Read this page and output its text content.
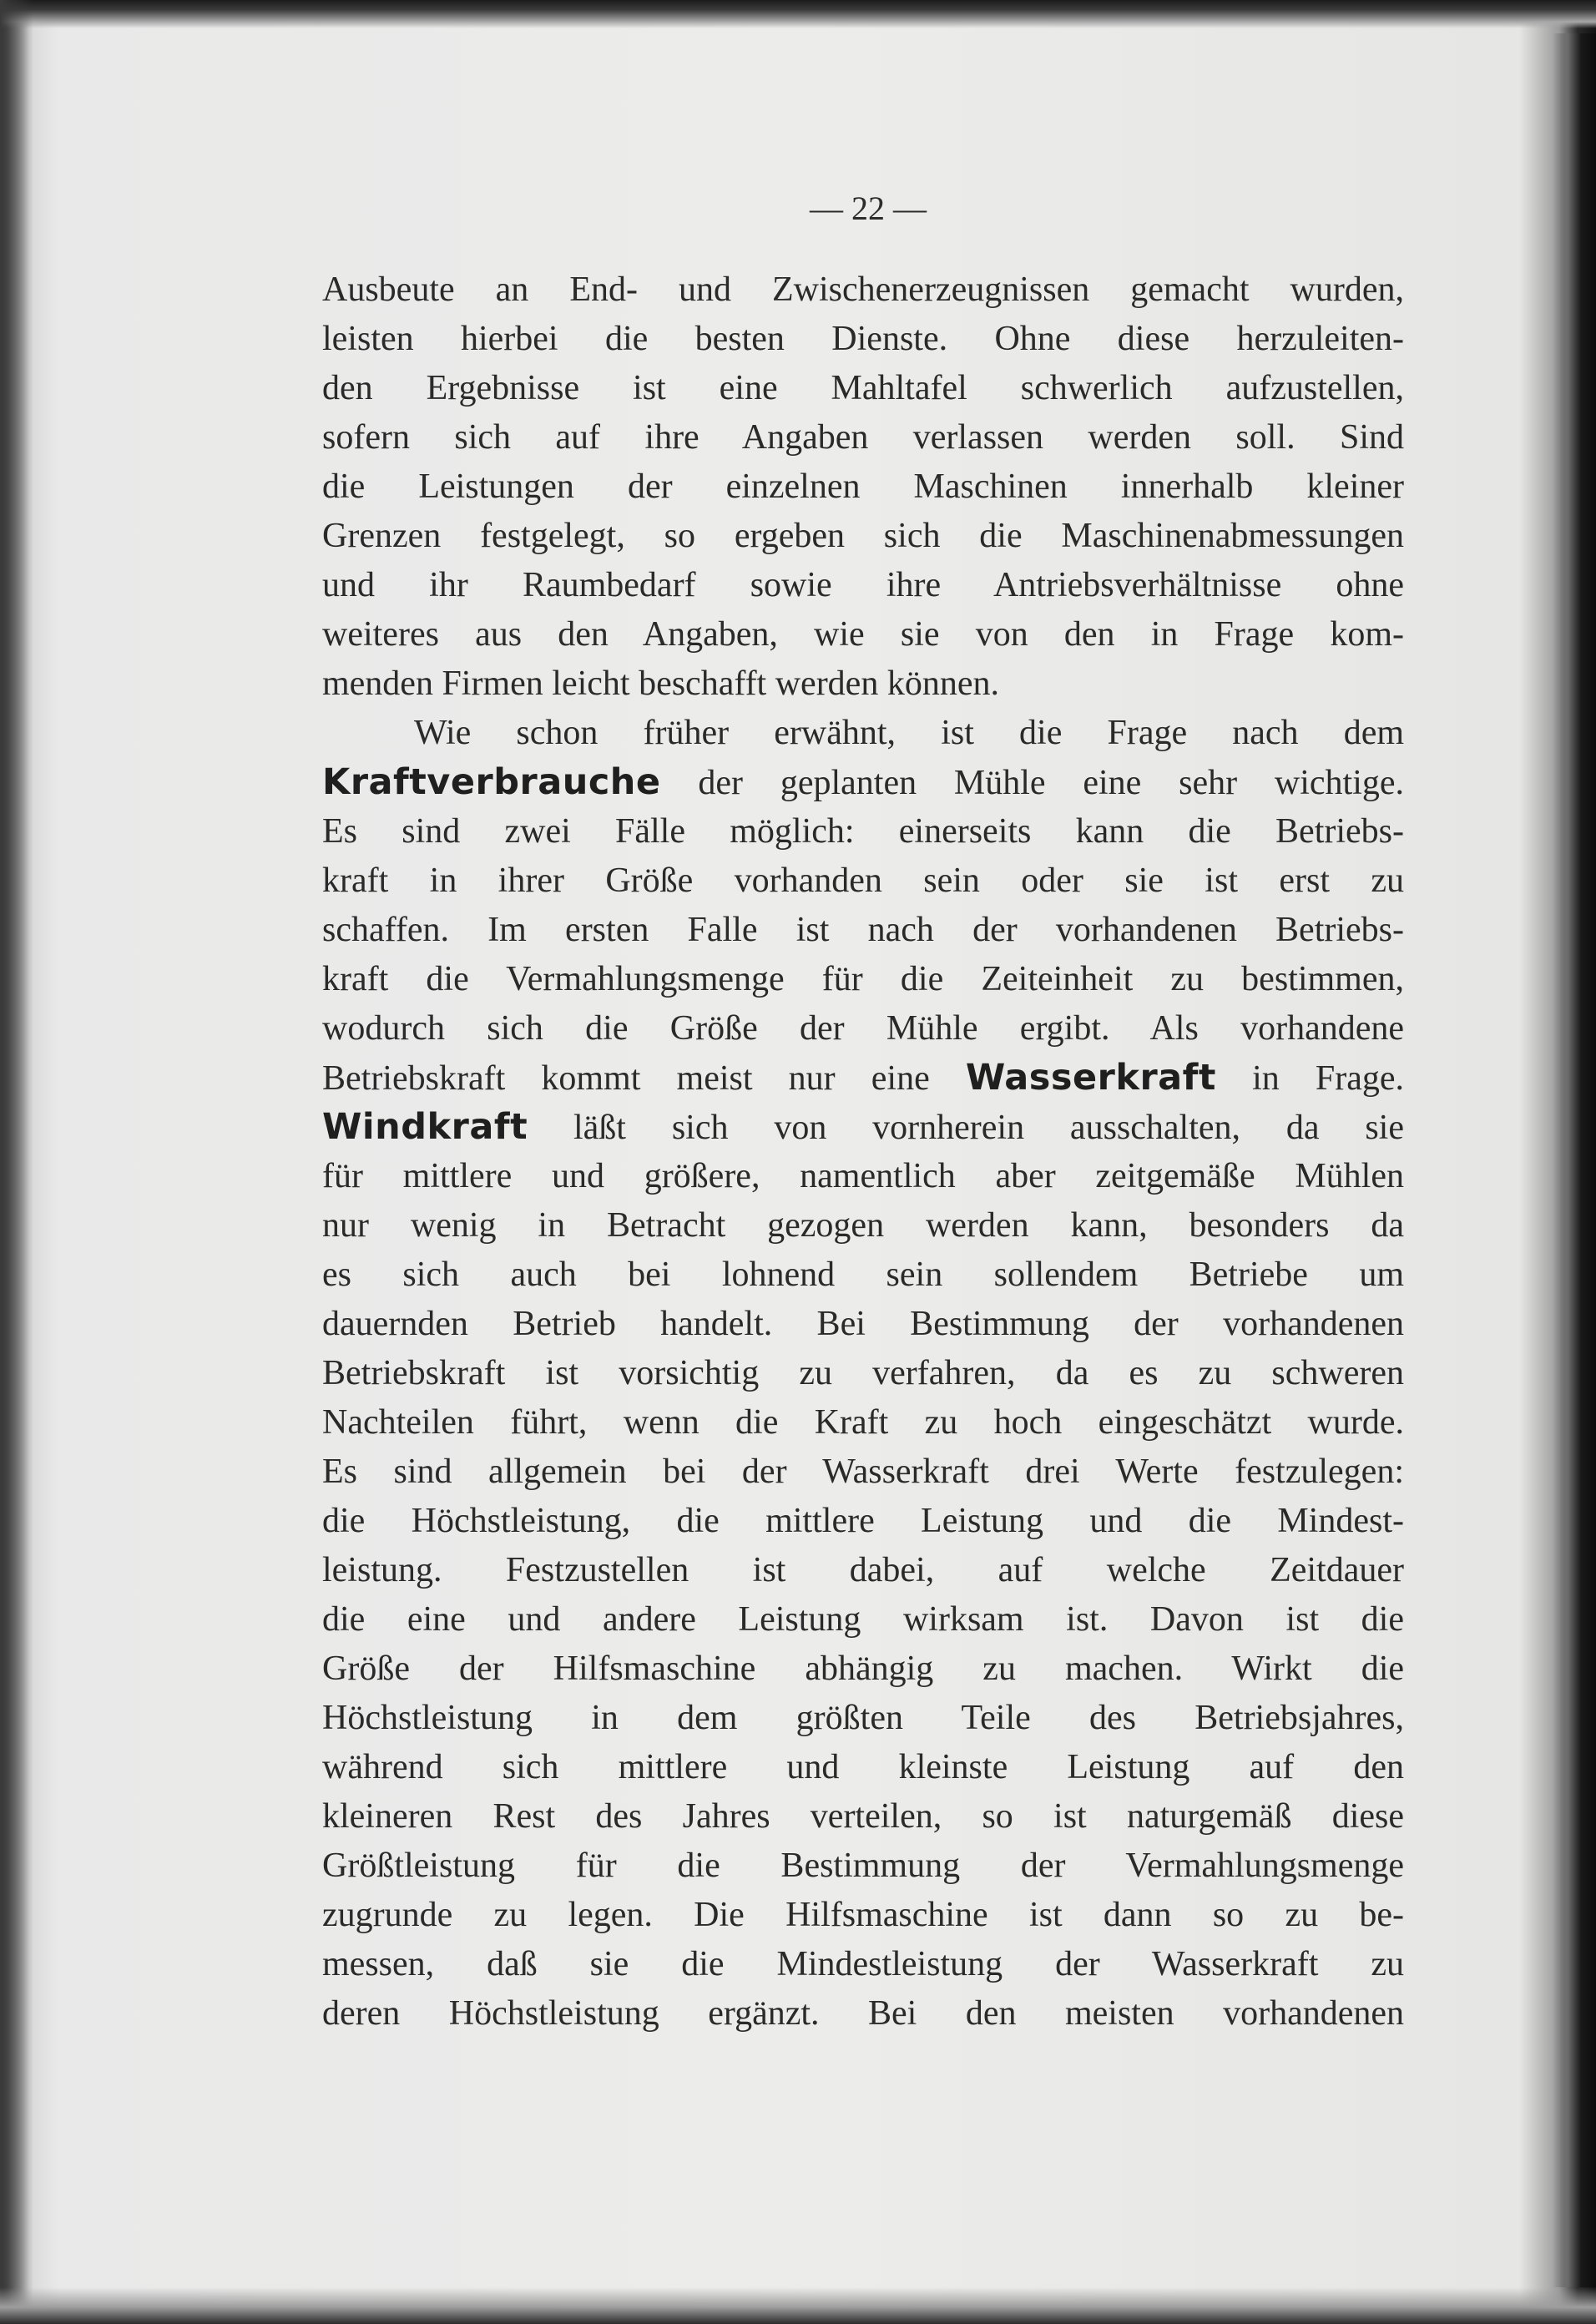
— 22 —
Ausbeute an End- und Zwischenerzeugnissen gemacht wurden,
leisten hierbei die besten Dienste. Ohne diese herzuleiten-
den Ergebnisse ist eine Mahltafel schwerlich aufzustellen,
sofern sich auf ihre Angaben verlassen werden soll. Sind
die Leistungen der einzelnen Maschinen innerhalb kleiner
Grenzen festgelegt, so ergeben sich die Maschinenabmessungen
und ihr Raumbedarf sowie ihre Antriebsverhältnisse ohne
weiteres aus den Angaben, wie sie von den in Frage kom-
menden Firmen leicht beschafft werden können.
Wie schon früher erwähnt, ist die Frage nach dem
Kraftverbrauche der geplanten Mühle eine sehr wichtige.
Es sind zwei Fälle möglich: einerseits kann die Betriebs-
kraft in ihrer Größe vorhanden sein oder sie ist erst zu
schaffen. Im ersten Falle ist nach der vorhandenen Betriebs-
kraft die Vermahlungsmenge für die Zeiteinheit zu bestimmen,
wodurch sich die Größe der Mühle ergibt. Als vorhandene
Betriebskraft kommt meist nur eine Wasserkraft in Frage.
Windkraft läßt sich von vornherein ausschalten, da sie
für mittlere und größere, namentlich aber zeitgemäße Mühlen
nur wenig in Betracht gezogen werden kann, besonders da
es sich auch bei lohnend sein sollendem Betriebe um
dauernden Betrieb handelt. Bei Bestimmung der vorhandenen
Betriebskraft ist vorsichtig zu verfahren, da es zu schweren
Nachteilen führt, wenn die Kraft zu hoch eingeschätzt wurde.
Es sind allgemein bei der Wasserkraft drei Werte festzulegen:
die Höchstleistung, die mittlere Leistung und die Mindest-
leistung. Festzustellen ist dabei, auf welche Zeitdauer
die eine und andere Leistung wirksam ist. Davon ist die
Größe der Hilfsmaschine abhängig zu machen. Wirkt die
Höchstleistung in dem größten Teile des Betriebsjahres,
während sich mittlere und kleinste Leistung auf den
kleineren Rest des Jahres verteilen, so ist naturgemäß diese
Größtleistung für die Bestimmung der Vermahlungsmenge
zugrunde zu legen. Die Hilfsmaschine ist dann so zu be-
messen, daß sie die Mindestleistung der Wasserkraft zu
deren Höchstleistung ergänzt. Bei den meisten vorhandenen
